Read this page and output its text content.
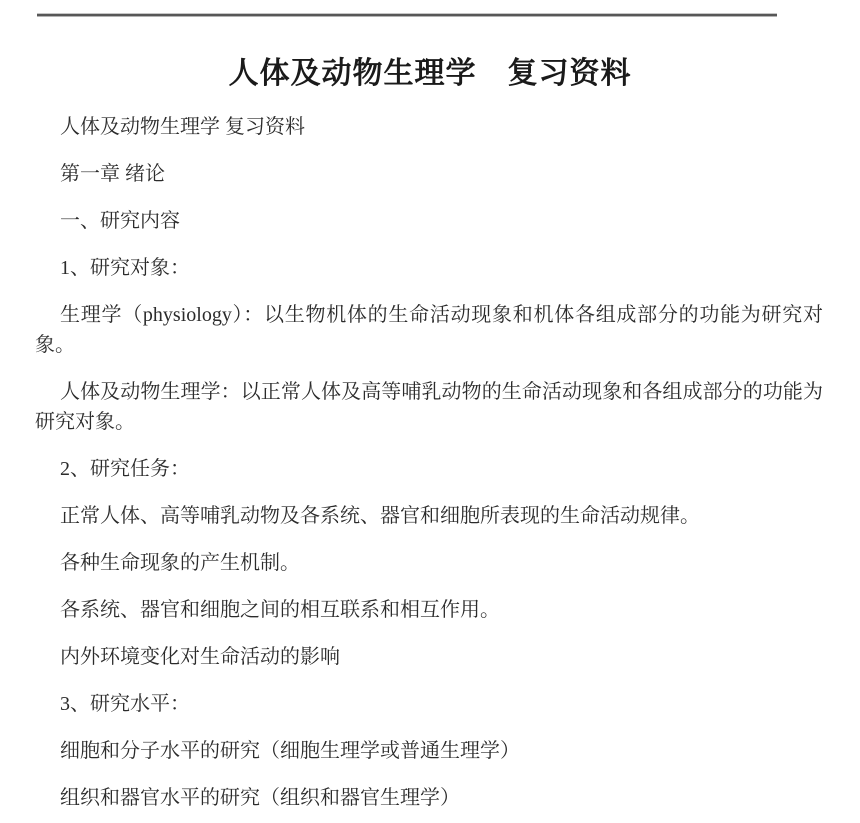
人体及动物生理学　复习资料

人体及动物生理学 复习资料

第一章 绪论

一、研究内容

1、研究对象：

生理学（physiology）：以生物机体的生命活动现象和机体各组成部分的功能为研究对象。

人体及动物生理学：以正常人体及高等哺乳动物的生命活动现象和各组成部分的功能为研究对象。

2、研究任务：

正常人体、高等哺乳动物及各系统、器官和细胞所表现的生命活动规律。

各种生命现象的产生机制。

各系统、器官和细胞之间的相互联系和相互作用。

内外环境变化对生命活动的影响

3、研究水平：

细胞和分子水平的研究（细胞生理学或普通生理学）

组织和器官水平的研究（组织和器官生理学）
